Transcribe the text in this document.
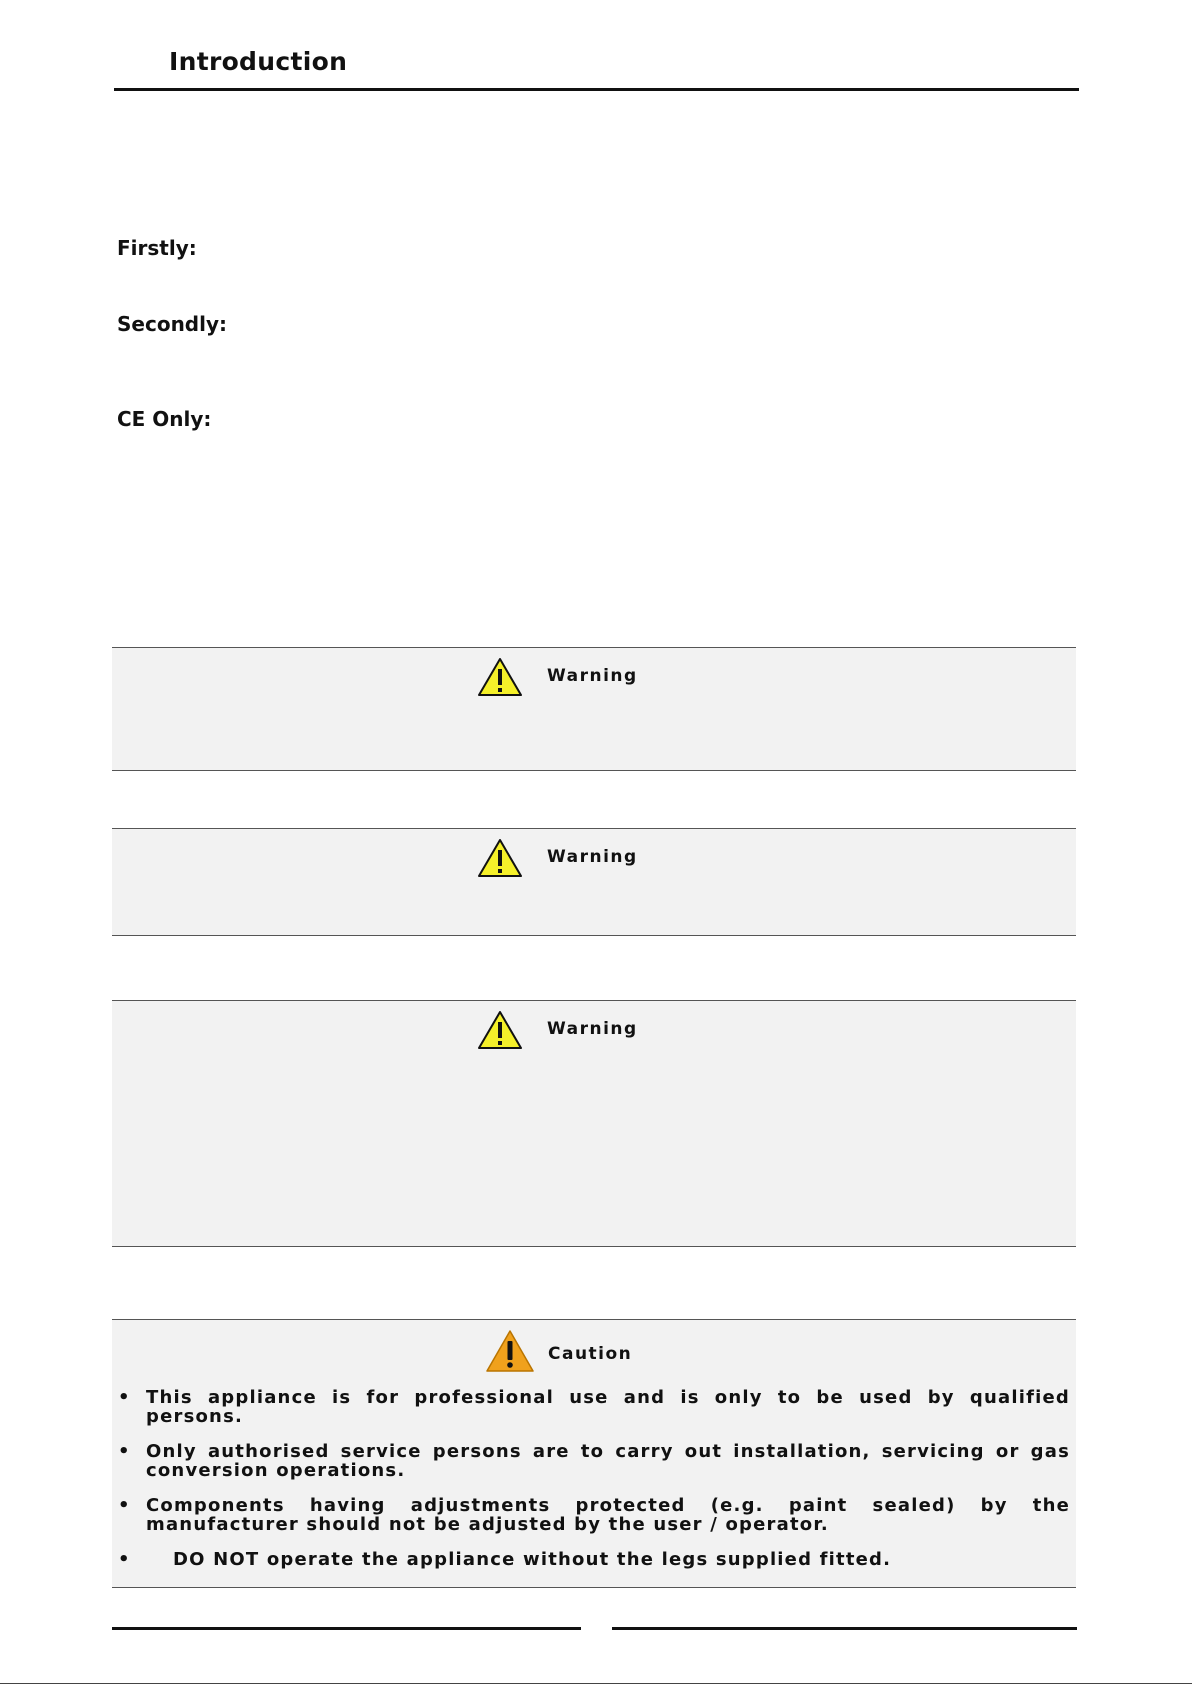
Introduction

Firstly:

Secondly:

CE Only:

Warning
Warning
Warning
Caution
• This appliance is for professional use and is only to be used by qualified persons.
• Only authorised service persons are to carry out installation, servicing or gas conversion operations.
• Components having adjustments protected (e.g. paint sealed) by the manufacturer should not be adjusted by the user / operator.
• DO NOT operate the appliance without the legs supplied fitted.
